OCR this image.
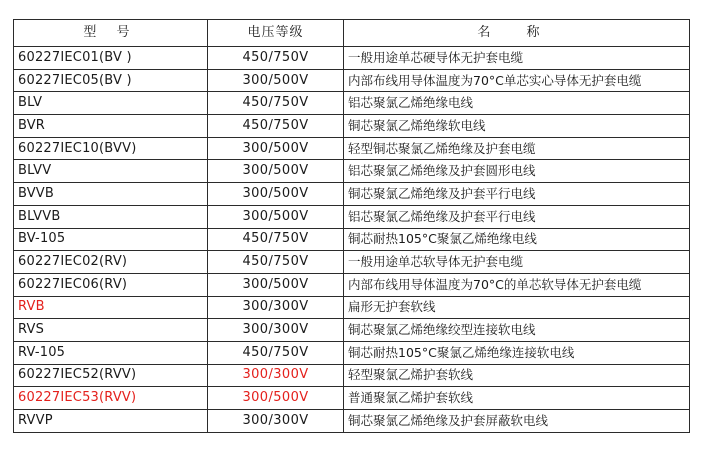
型 号	电压等级	名 称
60227IEC01(BV )	450/750V	一般用途单芯硬导体无护套电缆
60227IEC05(BV )	300/500V	内部布线用导体温度为70°C单芯实心导体无护套电缆
BLV	450/750V	铝芯聚氯乙烯绝缘电线
BVR	450/750V	铜芯聚氯乙烯绝缘软电线
60227IEC10(BVV)	300/500V	轻型铜芯聚氯乙烯绝缘及护套电缆
BLVV	300/500V	铝芯聚氯乙烯绝缘及护套圆形电线
BVVB	300/500V	铜芯聚氯乙烯绝缘及护套平行电线
BLVVB	300/500V	铝芯聚氯乙烯绝缘及护套平行电线
BV-105	450/750V	铜芯耐热105°C聚氯乙烯绝缘电线
60227IEC02(RV)	450/750V	一般用途单芯软导体无护套电缆
60227IEC06(RV)	300/500V	内部布线用导体温度为70°C的单芯软导体无护套电缆
RVB	300/300V	扁形无护套软线
RVS	300/300V	铜芯聚氯乙烯绝缘绞型连接软电线
RV-105	450/750V	铜芯耐热105°C聚氯乙烯绝缘连接软电线
60227IEC52(RVV)	300/300V	轻型聚氯乙烯护套软线
60227IEC53(RVV)	300/500V	普通聚氯乙烯护套软线
RVVP	300/300V	铜芯聚氯乙烯绝缘及护套屏蔽软电线
